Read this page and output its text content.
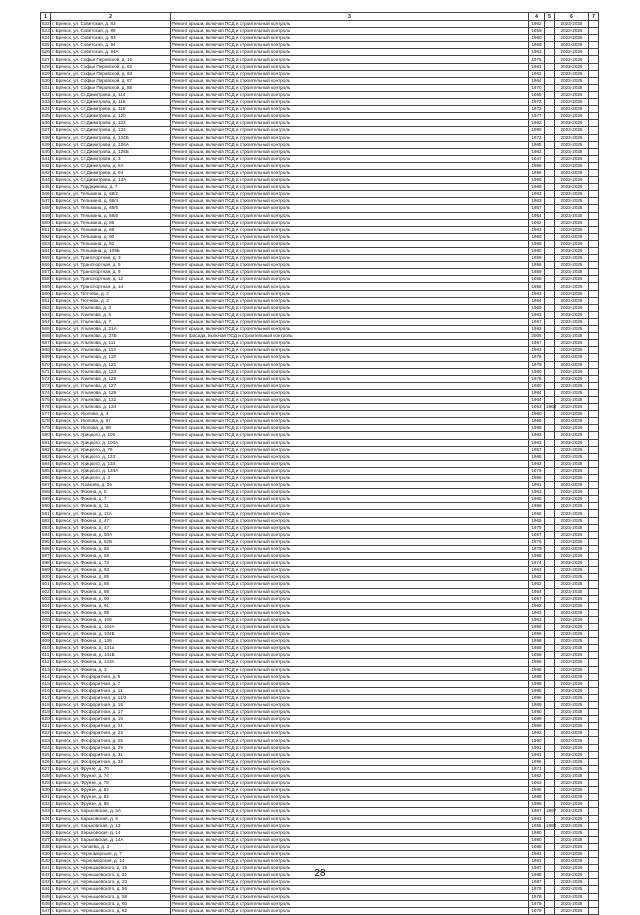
1	2	3	4	5	6	7
522	г. Брянск, ул. Советская, д. 63	Ремонт крыши, включая ПСД и строительный контроль	1962		2023-2025	
523	г. Брянск, ул. Советская, д. 89	Ремонт крыши, включая ПСД и строительный контроль	1959		2023-2025	
524	г. Брянск, ул. Советская, д. 93	Ремонт крыши, включая ПСД и строительный контроль	1960		2023-2025	
525	г. Брянск, ул. Советская, д. 94	Ремонт крыши, включая ПСД и строительный контроль	1966		2023-2025	
526	г. Брянск, ул. Советская, д. 94А	Ремонт крыши, включая ПСД и строительный контроль	1963		2023-2025	
527	г. Брянск, ул. Софьи Перовской, д. 16	Ремонт крыши, включая ПСД и строительный контроль	1975		2023-2025	
528	г. Брянск, ул. Софьи Перовской, д. 62	Ремонт крыши, включая ПСД и строительный контроль	1961		2023-2025	
529	г. Брянск, ул. Софьи Перовской, д. 63	Ремонт крыши, включая ПСД и строительный контроль	1962		2023-2025	
530	г. Брянск, ул. Софьи Перовской, д. 67	Ремонт крыши, включая ПСД и строительный контроль	1964		2023-2025	
531	г. Брянск, ул. Софьи Перовской, д. 85	Ремонт крыши, включая ПСД и строительный контроль	1970		2023-2025	
532	г. Брянск, ул. Ст.Димитрова, д. 114	Ремонт крыши, включая ПСД и строительный контроль	1969		2023-2025	
533	г. Брянск, ул. Ст.Димитрова, д. 116	Ремонт крыши, включая ПСД и строительный контроль	1972		2023-2025	
534	г. Брянск, ул. Ст.Димитрова, д. 118	Ремонт крыши, включая ПСД и строительный контроль	1972		2023-2025	
535	г. Брянск, ул. Ст.Димитрова, д. 120	Ремонт крыши, включая ПСД и строительный контроль	1977		2023-2025	
536	г. Брянск, ул. Ст.Димитрова, д. 122	Ремонт крыши, включая ПСД и строительный контроль	1962		2023-2025	
537	г. Брянск, ул. Ст.Димитрова, д. 124	Ремонт крыши, включая ПСД и строительный контроль	1990		2023-2025	
538	г. Брянск, ул. Ст.Димитрова, д. 124Б	Ремонт крыши, включая ПСД и строительный контроль	1972		2023-2025	
539	г. Брянск, ул. Ст.Димитрова, д. 126А	Ремонт крыши, включая ПСД и строительный контроль	1965		2023-2025	
540	г. Брянск, ул. Ст.Димитрова, д. 126Б	Ремонт крыши, включая ПСД и строительный контроль	1962		2023-2025	
541	г. Брянск, ул. Ст.Димитрова, д. 3	Ремонт крыши, включая ПСД и строительный контроль	1947		2023-2025	
542	г. Брянск, ул. Ст.Димитрова, д. 5А	Ремонт крыши, включая ПСД и строительный контроль	1958		2023-2025	
543	г. Брянск, ул. Ст.Димитрова, д. 64	Ремонт крыши, включая ПСД и строительный контроль	1958		2023-2025	
544	г. Брянск, ул. Ст.Димитрова, д. 13А	Ремонт крыши, включая ПСД и строительный контроль	1955		2023-2025	
545	г. Брянск, ул. Тарджимова, д. 7	Ремонт крыши, включая ПСД и строительный контроль	1969		2023-2025	
546	г. Брянск, ул. Тельмана, д. 68/2	Ремонт крыши, включая ПСД и строительный контроль	1963		2023-2025	
547	г. Брянск, ул. Тельмана, д. 68/4	Ремонт крыши, включая ПСД и строительный контроль	1963		2023-2025	
548	г. Брянск, ул. Тельмана, д. 68/5	Ремонт крыши, включая ПСД и строительный контроль	1957		2023-2025	
549	г. Брянск, ул. Тельмана, д. 68/6	Ремонт крыши, включая ПСД и строительный контроль	1964		2023-2025	
550	г. Брянск, ул. Тельмана, д. 86	Ремонт крыши, включая ПСД и строительный контроль	1962		2023-2025	
551	г. Брянск, ул. Тельмана, д. 88	Ремонт крыши, включая ПСД и строительный контроль	1963		2023-2025	
552	г. Брянск, ул. Тельмана, д. 90	Ремонт крыши, включая ПСД и строительный контроль	1960		2023-2025	
553	г. Брянск, ул. Тельмана, д. 92	Ремонт крыши, включая ПСД и строительный контроль	1966		2023-2025	
554	г. Брянск, ул. Тельмана, д. 109Б	Ремонт крыши, включая ПСД и строительный контроль	1980		2023-2025	
555	г. Брянск, ул. Транспортная, д. 3	Ремонт крыши, включая ПСД и строительный контроль	1959		2023-2025	
556	г. Брянск, ул. Транспортная, д. 5	Ремонт крыши, включая ПСД и строительный контроль	1956		2023-2025	
557	г. Брянск, ул. Транспортная, д. 9	Ремонт крыши, включая ПСД и строительный контроль	1959		2023-2025	
558	г. Брянск, ул. Транспортная, д. 12	Ремонт крыши, включая ПСД и строительный контроль	1958		2023-2025	
559	г. Брянск, ул. Транспортная, д. 14	Ремонт крыши, включая ПСД и строительный контроль	1958		2023-2025	
560	г. Брянск, ул. Тютчева, д. 2	Ремонт крыши, включая ПСД и строительный контроль	1963		2023-2025	
561	г. Брянск, ул. Тютчева, д. 2	Ремонт крыши, включая ПСД и строительный контроль	1964		2023-2025	
562	г. Брянск, ул. Ульянова, д. 3	Ремонт крыши, включая ПСД и строительный контроль	1969		2023-2025	
563	г. Брянск, ул. Ульянова, д. 5	Ремонт крыши, включая ПСД и строительный контроль	1963		2023-2025	
564	г. Брянск, ул. Ульянова, д. 7	Ремонт крыши, включая ПСД и строительный контроль	1967		2023-2025	
565	г. Брянск, ул. Ульянова, д. 21А	Ремонт крыши, включая ПСД и строительный контроль	1993		2023-2025	
566	г. Брянск, ул. Ульянова, д. 37Б	Ремонт фасада, включая ПСД и строительный контроль	2006		2023-2025	
567	г. Брянск, ул. Ульянова, д. 111	Ремонт крыши, включая ПСД и строительный контроль	1957		2023-2025	
568	г. Брянск, ул. Ульянова, д. 113	Ремонт крыши, включая ПСД и строительный контроль	1963		2023-2025	
569	г. Брянск, ул. Ульянова, д. 119	Ремонт крыши, включая ПСД и строительный контроль	1976		2023-2025	
570	г. Брянск, ул. Ульянова, д. 121	Ремонт крыши, включая ПСД и строительный контроль	1978		2023-2025	
571	г. Брянск, ул. Ульянова, д. 123	Ремонт крыши, включая ПСД и строительный контроль	1980		2023-2025	
572	г. Брянск, ул. Ульянова, д. 125	Ремонт крыши, включая ПСД и строительный контроль	1976		2023-2025	
573	г. Брянск, ул. Ульянова, д. 127	Ремонт крыши, включая ПСД и строительный контроль	1980		2023-2025	
574	г. Брянск, ул. Ульянова, д. 129	Ремонт крыши, включая ПСД и строительный контроль	1984		2023-2025	
575	г. Брянск, ул. Ульянова, д. 132	Ремонт крыши, включая ПСД и строительный контроль	1964		2023-2025	
576	г. Брянск, ул. Ульянова, д. 134	Ремонт крыши, включая ПСД и строительный контроль	1963	1968	2023-2025	
577	г. Брянск, ул. Уколова, д. 4	Ремонт крыши, включая ПСД и строительный контроль	1960		2023-2025	
578	г. Брянск, ул. Уколова, д. 97	Ремонт крыши, включая ПСД и строительный контроль	1965		2023-2025	
579	г. Брянск, ул. Уколова, д. 98	Ремонт крыши, включая ПСД и строительный контроль	1988		2023-2025	
580	г. Брянск, ул. Урицкого, д. 100	Ремонт крыши, включая ПСД и строительный контроль	1962		2023-2025	
581	г. Брянск, ул. Урицкого, д. 100А	Ремонт крыши, включая ПСД и строительный контроль	1963		2023-2025	
582	г. Брянск, ул. Урицкого, д. 76	Ремонт крыши, включая ПСД и строительный контроль	1957		2023-2025	
583	г. Брянск, ул. Урицкого, д. 122	Ремонт крыши, включая ПСД и строительный контроль	1966		2023-2025	
584	г. Брянск, ул. Урицкого, д. 134	Ремонт крыши, включая ПСД и строительный контроль	1963		2023-2025	
585	г. Брянск, ул. Урицкого, д. 134А	Ремонт крыши, включая ПСД и строительный контроль	1975		2023-2025	
586	г. Брянск, ул. Урицкого, д. 3	Ремонт крыши, включая ПСД и строительный контроль	1958		2023-2025	
587	г. Брянск, ул. Ушакова, д. 26	Ремонт крыши, включая ПСД и строительный контроль	1991		2023-2025	
588	г. Брянск, ул. Фокина, д. 5	Ремонт крыши, включая ПСД и строительный контроль	1963		2023-2025	
589	г. Брянск, ул. Фокина, д. 7	Ремонт крыши, включая ПСД и строительный контроль	1965		2023-2025	
590	г. Брянск, ул. Фокина, д. 11	Ремонт крыши, включая ПСД и строительный контроль	1966		2023-2025	
591	г. Брянск, ул. Фокина, д. 11А	Ремонт крыши, включая ПСД и строительный контроль	1966		2023-2025	
592	г. Брянск, ул. Фокина, д. 47	Ремонт крыши, включая ПСД и строительный контроль	1965		2023-2025	
593	г. Брянск, ул. Фокина, д. 47	Ремонт крыши, включая ПСД и строительный контроль	1976		2023-2025	
594	г. Брянск, ул. Фокина, д. 50А	Ремонт крыши, включая ПСД и строительный контроль	1957		2023-2025	
595	г. Брянск, ул. Фокина, д. 52Б	Ремонт крыши, включая ПСД и строительный контроль	1979		2023-2025	
596	г. Брянск, ул. Фокина, д. 66	Ремонт крыши, включая ПСД и строительный контроль	1979		2023-2025	
597	г. Брянск, ул. Фокина, д. 68	Ремонт крыши, включая ПСД и строительный контроль	1968		2023-2025	
598	г. Брянск, ул. Фокина, д. 72	Ремонт крыши, включая ПСД и строительный контроль	1974		2023-2025	
599	г. Брянск, ул. Фокина, д. 83	Ремонт крыши, включая ПСД и строительный контроль	1963		2023-2025	
600	г. Брянск, ул. Фокина, д. 85	Ремонт крыши, включая ПСД и строительный контроль	1962		2023-2025	
601	г. Брянск, ул. Фокина, д. 86	Ремонт крыши, включая ПСД и строительный контроль	1962		2023-2025	
602	г. Брянск, ул. Фокина, д. 88	Ремонт крыши, включая ПСД и строительный контроль	1964		2023-2025	
603	г. Брянск, ул. Фокина, д. 90	Ремонт крыши, включая ПСД и строительный контроль	1967		2023-2025	
604	г. Брянск, ул. Фокина, д. 91	Ремонт крыши, включая ПСД и строительный контроль	1962		2023-2025	
605	г. Брянск, ул. Фокина, д. 98	Ремонт крыши, включая ПСД и строительный контроль	1963		2023-2025	
606	г. Брянск, ул. Фокина, д. 100	Ремонт крыши, включая ПСД и строительный контроль	1963		2023-2025	
607	г. Брянск, ул. Фокина, д. 104А	Ремонт крыши, включая ПСД и строительный контроль	1958		2023-2025	
608	г. Брянск, ул. Фокина, д. 104Б	Ремонт крыши, включая ПСД и строительный контроль	1956		2023-2025	
609	г. Брянск, ул. Фокина, д. 139	Ремонт крыши, включая ПСД и строительный контроль	1958		2023-2025	
610	г. Брянск, ул. Фокина, д. 141а	Ремонт крыши, включая ПСД и строительный контроль	1958		2023-2025	
611	г. Брянск, ул. Фокина, д. 141Б	Ремонт крыши, включая ПСД и строительный контроль	1958		2023-2025	
612	г. Брянск, ул. Фокина, д. 143А	Ремонт крыши, включая ПСД и строительный контроль	1958		2023-2025	
613	г. Брянск, ул. Фокина, д. 3	Ремонт крыши, включая ПСД и строительный контроль	1988		2023-2025	
614	г. Брянск, ул. Фосфоритная, д. 5	Ремонт крыши, включая ПСД и строительный контроль	1989		2023-2025	
615	г. Брянск, ул. Фосфоритная, д. 7	Ремонт крыши, включая ПСД и строительный контроль	1988		2023-2025	
616	г. Брянск, ул. Фосфоритная, д. 11	Ремонт крыши, включая ПСД и строительный контроль	1995		2023-2025	
617	г. Брянск, ул. Фосфоритная, д. 11/2	Ремонт крыши, включая ПСД и строительный контроль	1996		2023-2025	
618	г. Брянск, ул. Фосфоритная, д. 15	Ремонт крыши, включая ПСД и строительный контроль	1989		2023-2025	
619	г. Брянск, ул. Фосфоритная, д. 17	Ремонт крыши, включая ПСД и строительный контроль	1990		2023-2025	
620	г. Брянск, ул. Фосфоритная, д. 19	Ремонт крыши, включая ПСД и строительный контроль	1989		2023-2025	
621	г. Брянск, ул. Фосфоритная, д. 21	Ремонт крыши, включая ПСД и строительный контроль	1989		2023-2025	
622	г. Брянск, ул. Фосфоритная, д. 23	Ремонт крыши, включая ПСД и строительный контроль	1992		2023-2025	
623	г. Брянск, ул. Фосфоритная, д. 25	Ремонт крыши, включая ПСД и строительный контроль	1990		2023-2025	
624	г. Брянск, ул. Фосфоритная, д. 29	Ремонт крыши, включая ПСД и строительный контроль	1991		2023-2025	
625	г. Брянск, ул. Фосфоритная, д. 31	Ремонт крыши, включая ПСД и строительный контроль	1991		2023-2025	
626	г. Брянск, ул. Фосфоритная, д. 33	Ремонт крыши, включая ПСД и строительный контроль	1996		2023-2025	
627	г. Брянск, ул. Фрунзе, д. 70	Ремонт крыши, включая ПСД и строительный контроль	1971		2023-2025	
628	г. Брянск, ул. Фрунзе, д. 74	Ремонт крыши, включая ПСД и строительный контроль	1982		2023-2025	
629	г. Брянск, ул. Фрунзе, д. 78	Ремонт крыши, включая ПСД и строительный контроль	1963		2023-2025	
630	г. Брянск, ул. Фрунзе, д. 82	Ремонт крыши, включая ПСД и строительный контроль	1985		2023-2025	
631	г. Брянск, ул. Фрунзе, д. 84	Ремонт крыши, включая ПСД и строительный контроль	1988		2023-2025	
632	г. Брянск, ул. Фрунзе, д. 86	Ремонт крыши, включая ПСД и строительный контроль	1986		2023-2025	
633	г. Брянск, ул. Харьковская, д. 3А	Ремонт крыши, включая ПСД и строительный контроль	1967	1967	2023-2025	
634	г. Брянск, ул. Харьковская, д. 9	Ремонт крыши, включая ПСД и строительный контроль	1953		2023-2025	
635	г. Брянск, ул. Харьковская, д. 13	Ремонт крыши, включая ПСД и строительный контроль	1955	1980	2023-2025	
636	г. Брянск, ул. Харьковская, д. 14	Ремонт крыши, включая ПСД и строительный контроль	1980		2023-2025	
637	г. Брянск, ул. Харьковская, д. 14А	Ремонт крыши, включая ПСД и строительный контроль	1980		2023-2025	
638	г. Брянск, ул. Чапаева, д. 3	Ремонт крыши, включая ПСД и строительный контроль	1988		2023-2025	
639	г. Брянск, ул. Черноморская, д. 7	Ремонт крыши, включая ПСД и строительный контроль	1981		2023-2025	
640	г. Брянск, ул. Черноморская, д. 14	Ремонт крыши, включая ПСД и строительный контроль	1981		2023-2025	
641	г. Брянск, ул. Чернышевского, д. 19	Ремонт крыши, включая ПСД и строительный контроль	1987		2023-2025	
642	г. Брянск, ул. Чернышевского, д. 21	Ремонт крыши, включая ПСД и строительный контроль	1988		2023-2025	
643	г. Брянск, ул. Чернышевского, д. 23	Ремонт крыши, включая ПСД и строительный контроль	1987		2023-2025	
644	г. Брянск, ул. Чернышевского, д. 56	Ремонт крыши, включая ПСД и строительный контроль	1975		2023-2025	
645	г. Брянск, ул. Чернышевского, д. 58	Ремонт крыши, включая ПСД и строительный контроль	1978		2023-2025	
646	г. Брянск, ул. Чернышевского, д. 60	Ремонт крыши, включая ПСД и строительный контроль	1979		2023-2025	
647	г. Брянск, ул. Чернышевского, д. 62	Ремонт крыши, включая ПСД и строительный контроль	1979		2023-2025	
28
